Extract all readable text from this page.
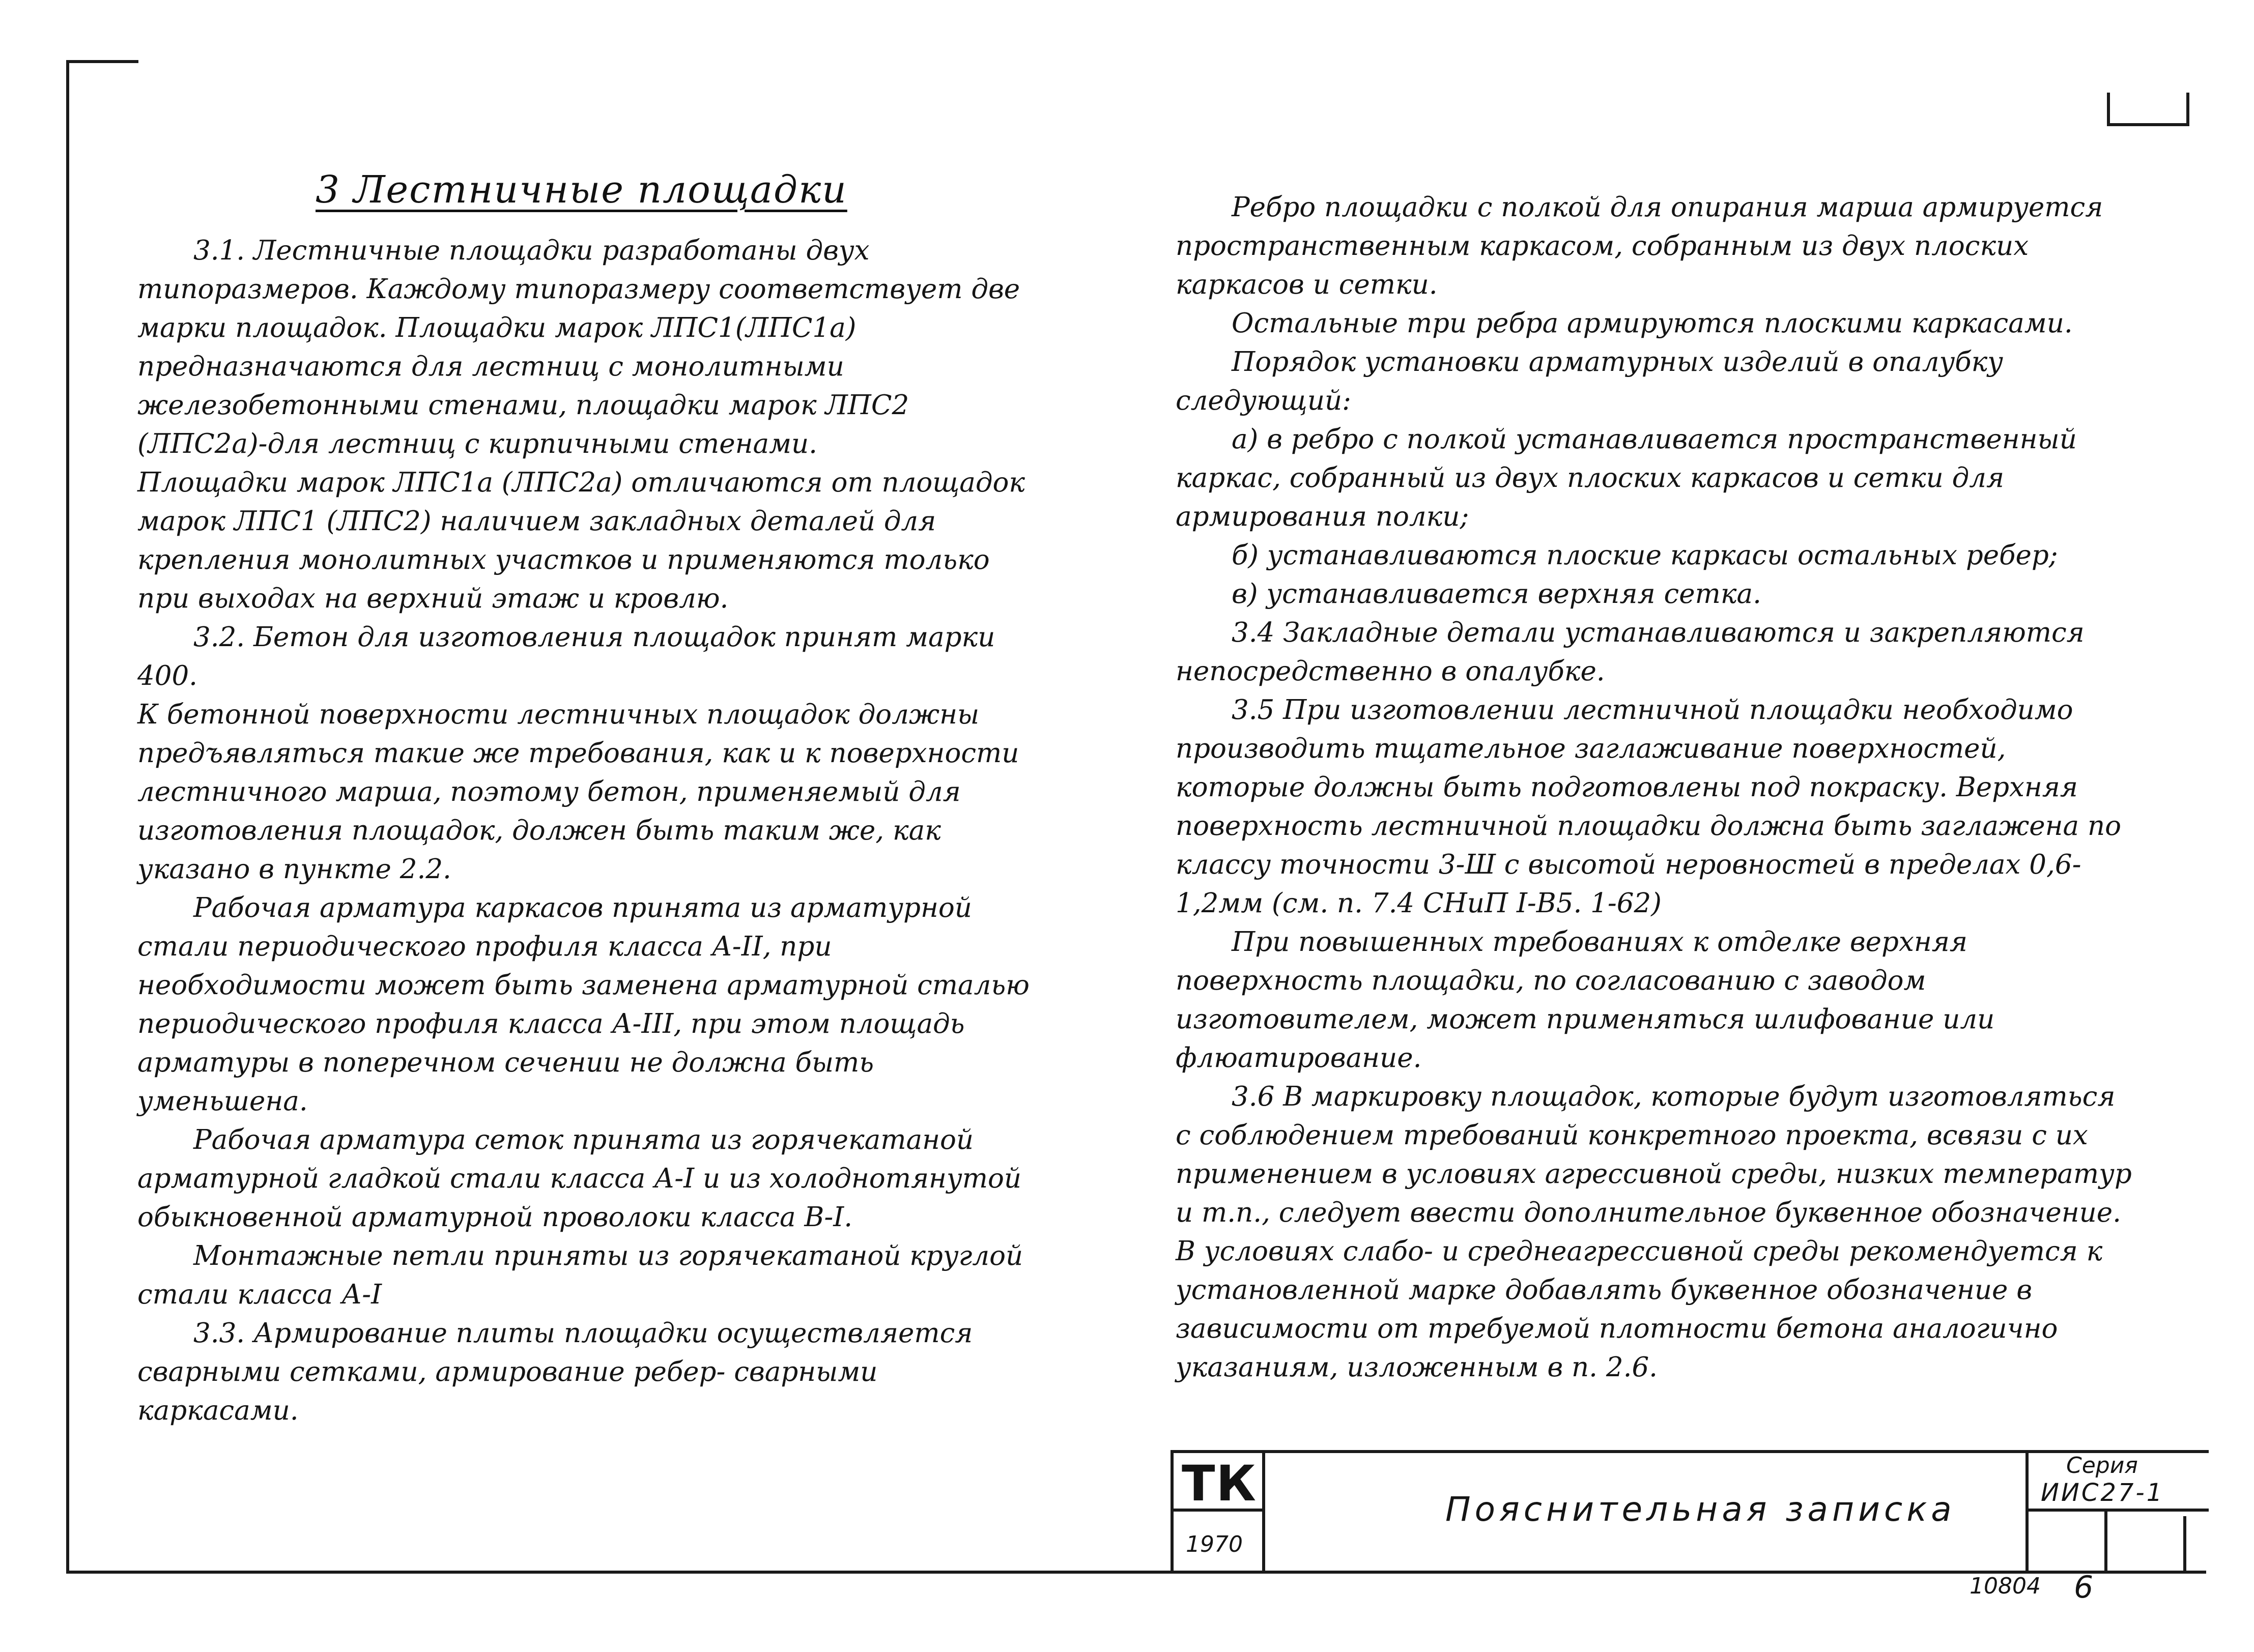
3 Лестничные площадки

3.1. Лестничные площадки разработаны двух типоразмеров. Каждому типоразмеру соответствует две марки площадок. Площадки марок ЛПС1(ЛПС1а) предназначаются для лестниц с монолитными железобетонными стенами, площадки марок ЛПС2 (ЛПС2а)-для лестниц с кирпичными стенами.

Площадки марок ЛПС1а (ЛПС2а) отличаются от площадок марок ЛПС1 (ЛПС2) наличием закладных деталей для крепления монолитных участков и применяются только при выходах на верхний этаж и кровлю.

3.2. Бетон для изготовления площадок принят марки 400.

К бетонной поверхности лестничных площадок должны предъявляться такие же требования, как и к поверхности лестничного марша, поэтому бетон, применяемый для изготовления площадок, должен быть таким же, как указано в пункте 2.2.

Рабочая арматура каркасов принята из арматурной стали периодического профиля класса А-II, при необходимости может быть заменена арматурной сталью периодического профиля класса А-III, при этом площадь арматуры в поперечном сечении не должна быть уменьшена.

Рабочая арматура сеток принята из горячекатаной арматурной гладкой стали класса А-I и из холоднотянутой обыкновенной арматурной проволоки класса В-I.

Монтажные петли приняты из горячекатаной круглой стали класса А-I

3.3. Армирование плиты площадки осуществляется сварными сетками, армирование ребер- сварными каркасами.

Ребро площадки с полкой для опирания марша армируется пространственным каркасом, собранным из двух плоских каркасов и сетки.

Остальные три ребра армируются плоскими каркасами.

Порядок установки арматурных изделий в опалубку следующий:

а) в ребро с полкой устанавливается пространственный каркас, собранный из двух плоских каркасов и сетки для армирования полки;

б) устанавливаются плоские каркасы остальных ребер;

в) устанавливается верхняя сетка.

3.4 Закладные детали устанавливаются и закрепляются непосредственно в опалубке.

3.5 При изготовлении лестничной площадки необходимо производить тщательное заглаживание поверхностей, которые должны быть подготовлены под покраску. Верхняя поверхность лестничной площадки должна быть заглажена по классу точности 3-Ш с высотой неровностей в пределах 0,6-1,2мм (см. п. 7.4 СНиП I-В5. 1-62)

При повышенных требованиях к отделке верхняя поверхность площадки, по согласованию с заводом изготовителем, может применяться шлифование или флюатирование.

3.6 В маркировку площадок, которые будут изготовляться с соблюдением требований конкретного проекта, всвязи с их применением в условиях агрессивной среды, низких температур и т.п., следует ввести дополнительное буквенное обозначение.

В условиях слабо- и среднеагрессивной среды рекомендуется к установленной марке добавлять буквенное обозначение в зависимости от требуемой плотности бетона аналогично указаниям, изложенным в п. 2.6.

ТК
1970
Пояснительная записка
Серия
ИИС27-1
10804 6
